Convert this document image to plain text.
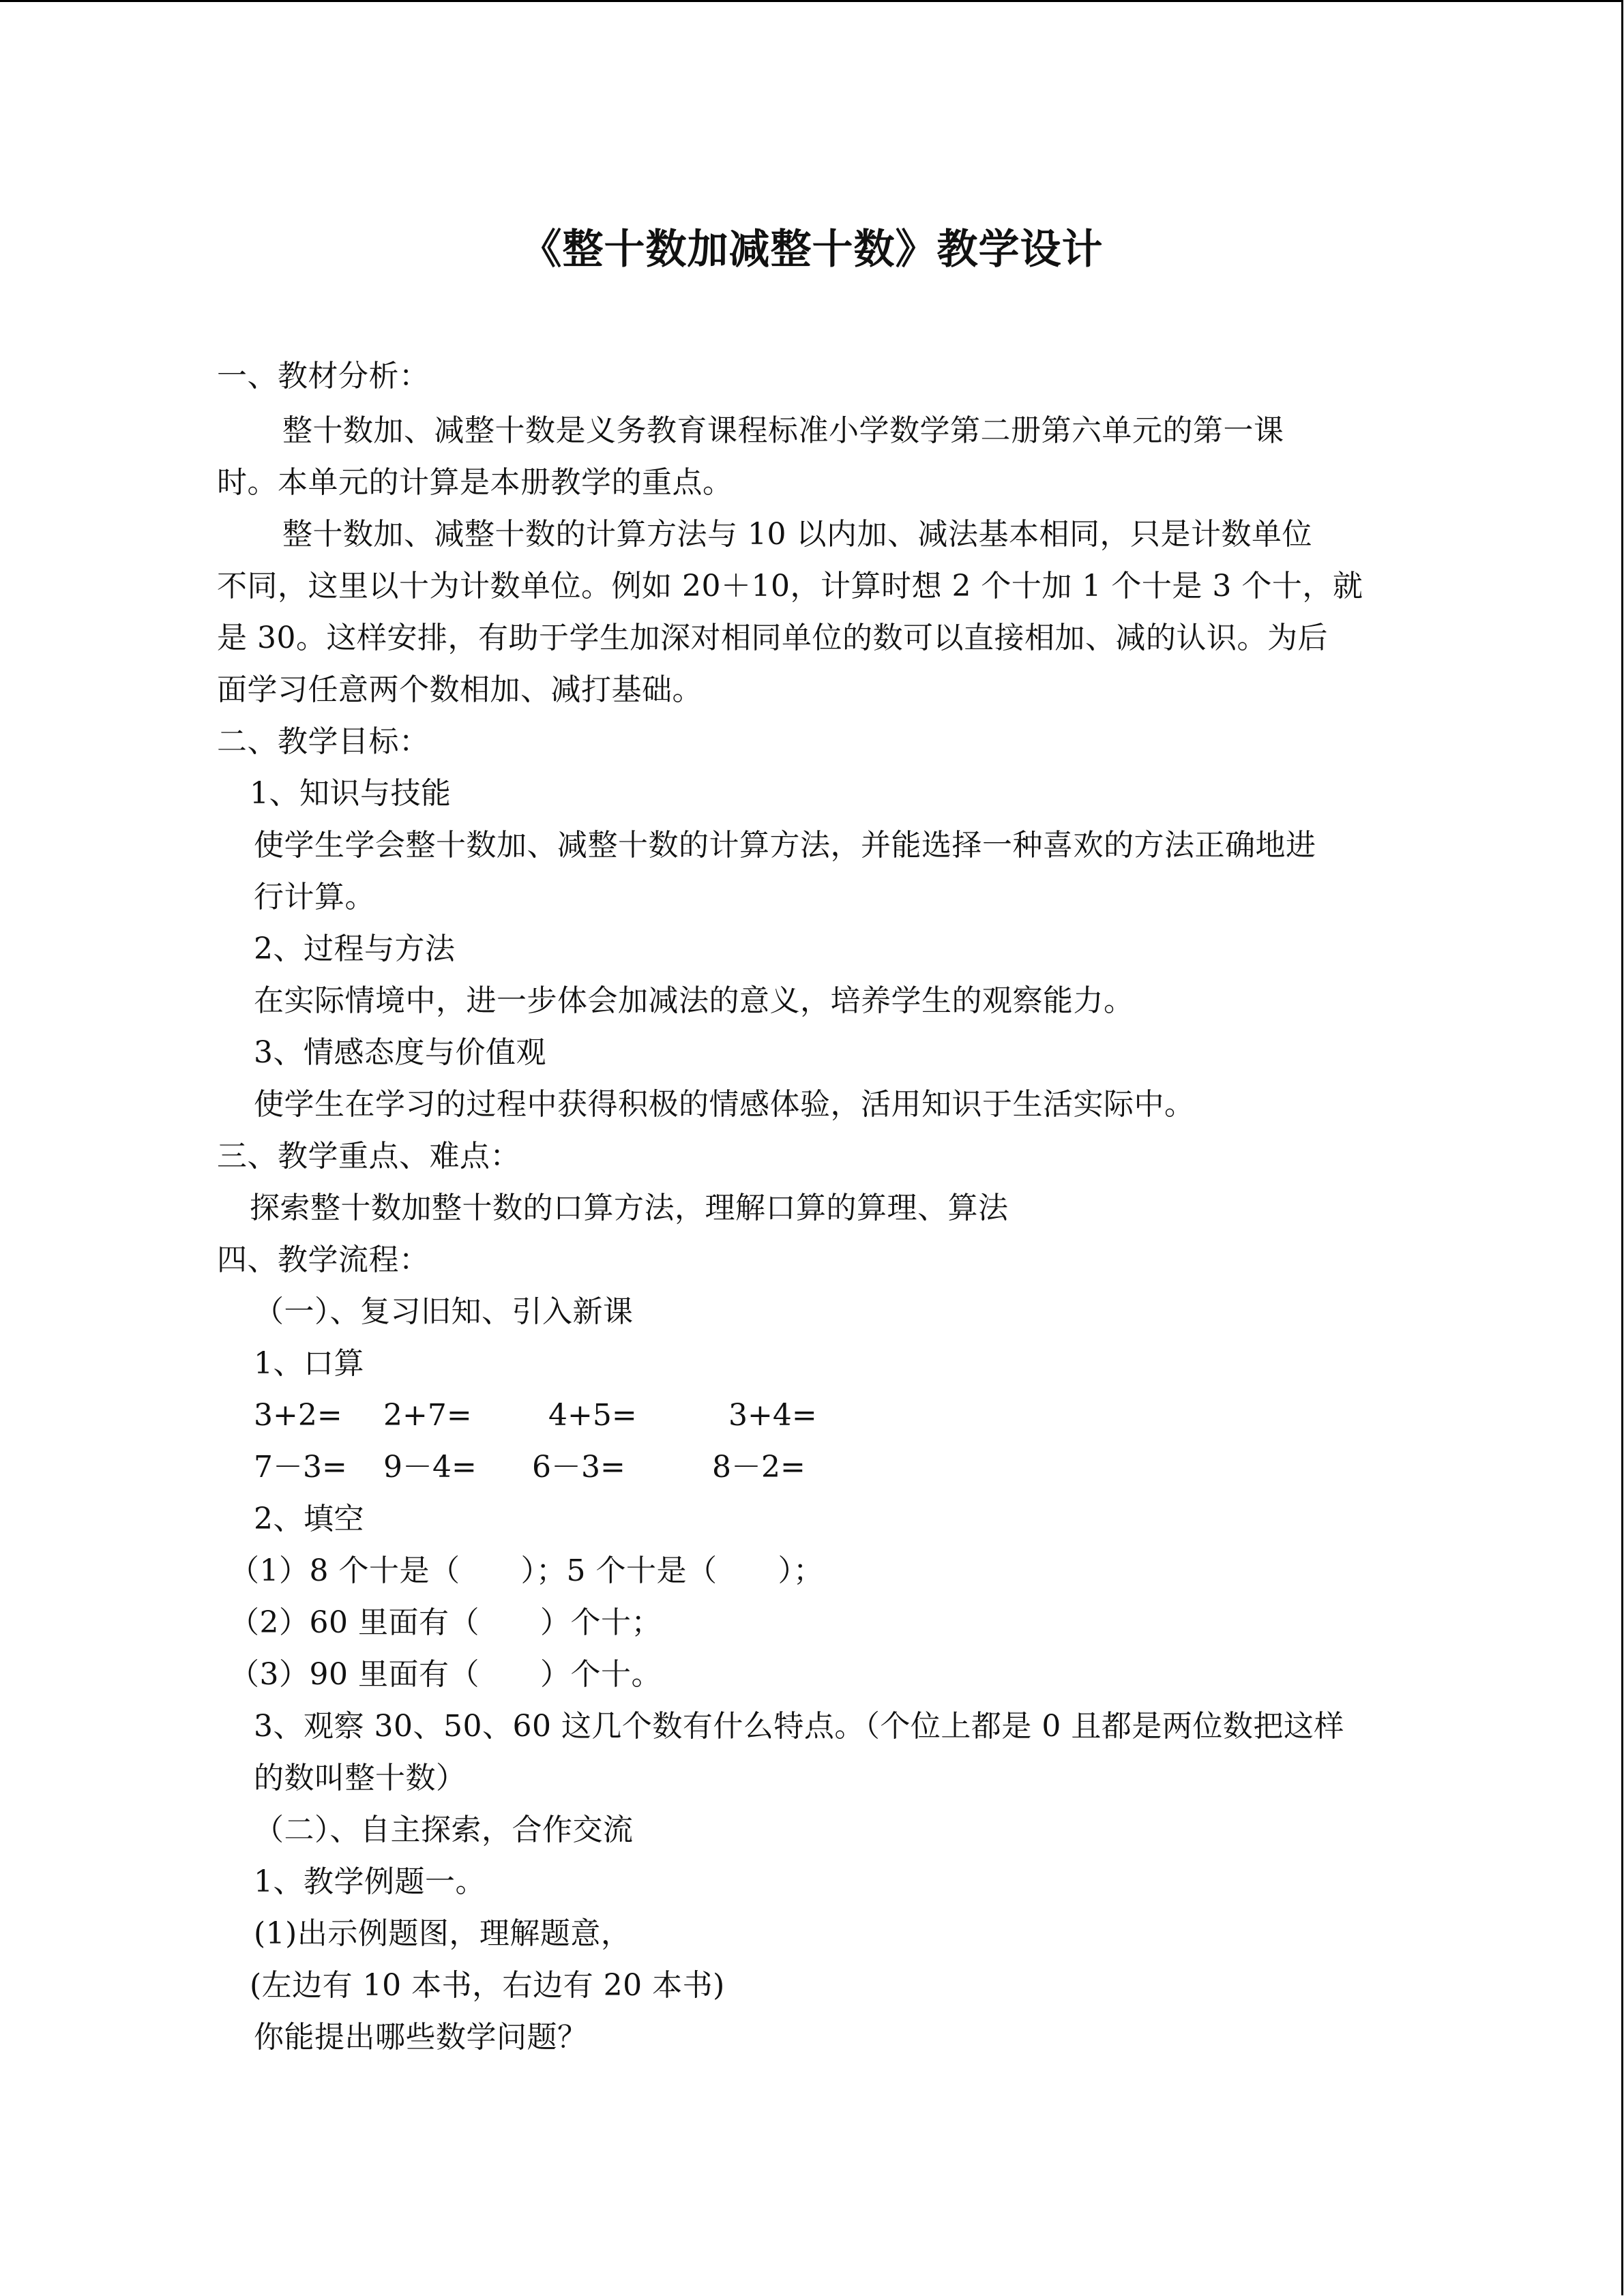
《整十数加减整十数》教学设计
一、教材分析：
整十数加、减整十数是义务教育课程标准小学数学第二册第六单元的第一课
时。本单元的计算是本册教学的重点。
整十数加、减整十数的计算方法与 10 以内加、减法基本相同，只是计数单位
不同，这里以十为计数单位。例如 20＋10，计算时想 2 个十加 1 个十是 3 个十，就
是 30。这样安排，有助于学生加深对相同单位的数可以直接相加、减的认识。为后
面学习任意两个数相加、减打基础。
二、教学目标：
1、知识与技能
使学生学会整十数加、减整十数的计算方法，并能选择一种喜欢的方法正确地进
行计算。
2、过程与方法
在实际情境中，进一步体会加减法的意义，培养学生的观察能力。
3、情感态度与价值观
使学生在学习的过程中获得积极的情感体验，活用知识于生活实际中。
三、教学重点、难点：
探索整十数加整十数的口算方法，理解口算的算理、算法
四、教学流程：
（一）、复习旧知、引入新课
1、口算
3+2= 2+7=	4+5=	3+4=
7－3= 9－4= 6－3=	8－2=
2、填空
（1）8 个十是（　　）；5 个十是（　　）；
（2）60 里面有（　　）个十；
（3）90 里面有（　　）个十。
3、观察 30、50、60 这几个数有什么特点。（个位上都是 0 且都是两位数把这样
的数叫整十数）
（二）、自主探索，合作交流
1、教学例题一。
(1)出示例题图，理解题意，
(左边有 10 本书，右边有 20 本书)
你能提出哪些数学问题？
